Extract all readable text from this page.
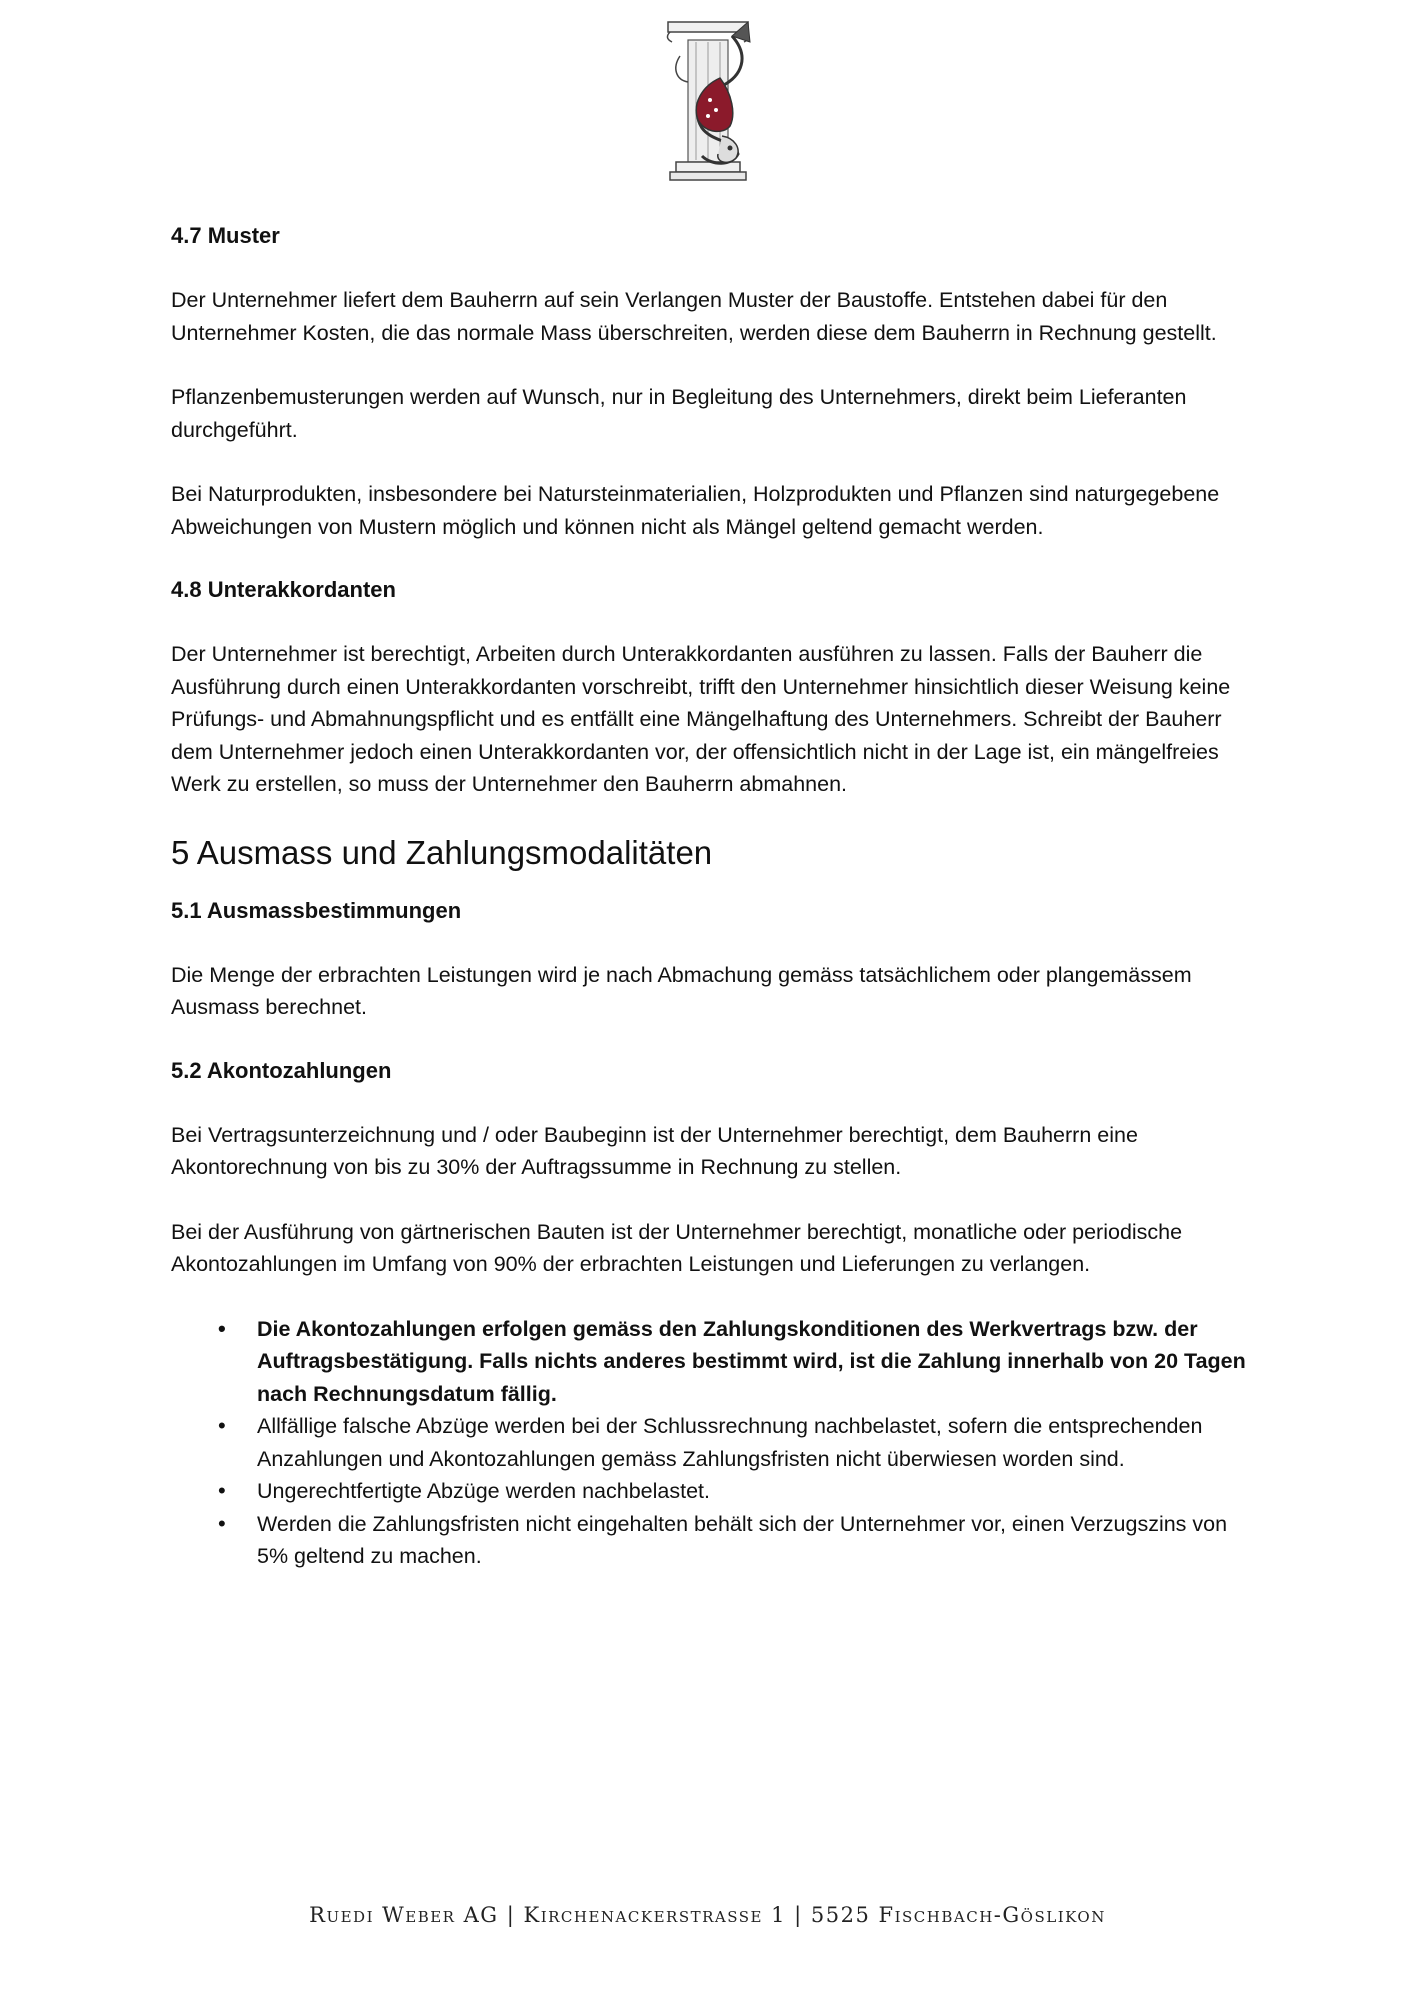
4.7 Muster
Der Unternehmer liefert dem Bauherrn auf sein Verlangen Muster der Baustoffe. Entstehen dabei für den Unternehmer Kosten, die das normale Mass überschreiten, werden diese dem Bauherrn in Rechnung gestellt.
Pflanzenbemusterungen werden auf Wunsch, nur in Begleitung des Unternehmers, direkt beim Lieferanten durchgeführt.
Bei Naturprodukten, insbesondere bei Natursteinmaterialien, Holzprodukten und Pflanzen sind naturgegebene Abweichungen von Mustern möglich und können nicht als Mängel geltend gemacht werden.
4.8 Unterakkordanten
Der Unternehmer ist berechtigt, Arbeiten durch Unterakkordanten ausführen zu lassen. Falls der Bauherr die Ausführung durch einen Unterakkordanten vorschreibt, trifft den Unternehmer hinsichtlich dieser Weisung keine Prüfungs- und Abmahnungspflicht und es entfällt eine Mängelhaftung des Unternehmers. Schreibt der Bauherr dem Unternehmer jedoch einen Unterakkordanten vor, der offensichtlich nicht in der Lage ist, ein mängelfreies Werk zu erstellen, so muss der Unternehmer den Bauherrn abmahnen.
5 Ausmass und Zahlungsmodalitäten
5.1 Ausmassbestimmungen
Die Menge der erbrachten Leistungen wird je nach Abmachung gemäss tatsächlichem oder plangemässem Ausmass berechnet.
5.2 Akontozahlungen
Bei Vertragsunterzeichnung und / oder Baubeginn ist der Unternehmer berechtigt, dem Bauherrn eine Akontorechnung von bis zu 30% der Auftragssumme in Rechnung zu stellen.
Bei der Ausführung von gärtnerischen Bauten ist der Unternehmer berechtigt, monatliche oder periodische Akontozahlungen im Umfang von 90% der erbrachten Leistungen und Lieferungen zu verlangen.
• Die Akontozahlungen erfolgen gemäss den Zahlungskonditionen des Werkvertrags bzw. der Auftragsbestätigung. Falls nichts anderes bestimmt wird, ist die Zahlung innerhalb von 20 Tagen nach Rechnungsdatum fällig.
• Allfällige falsche Abzüge werden bei der Schlussrechnung nachbelastet, sofern die entsprechenden Anzahlungen und Akontozahlungen gemäss Zahlungsfristen nicht überwiesen worden sind.
• Ungerechtfertigte Abzüge werden nachbelastet.
• Werden die Zahlungsfristen nicht eingehalten behält sich der Unternehmer vor, einen Verzugszins von 5% geltend zu machen.
Ruedi Weber AG | Kirchenackerstrasse 1 | 5525 Fischbach-Göslikon
